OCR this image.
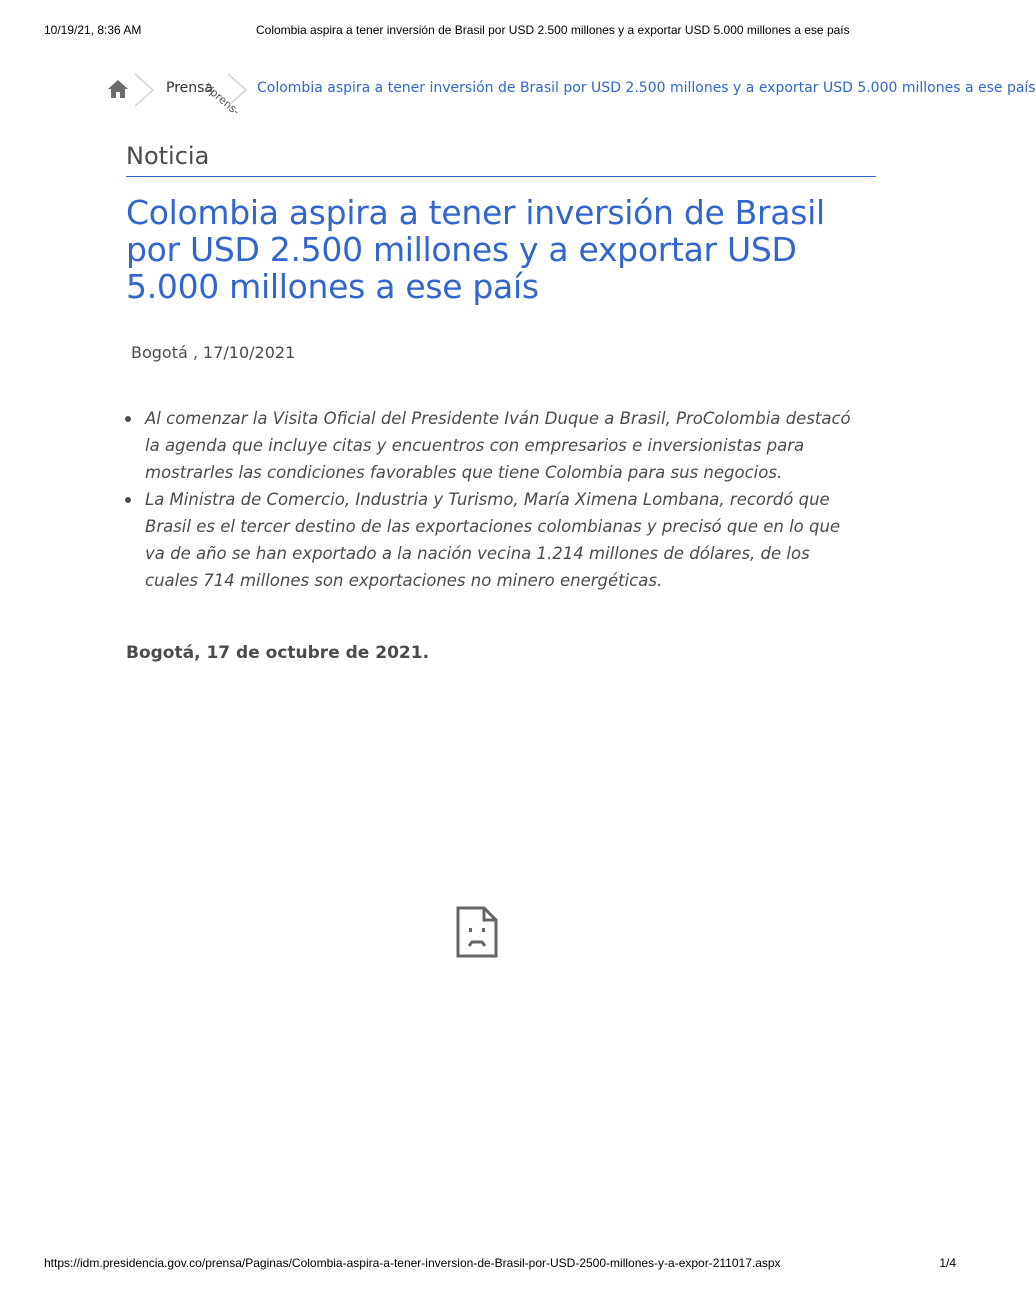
10/19/21, 8:36 AM	Colombia aspira a tener inversión de Brasil por USD 2.500 millones y a exportar USD 5.000 millones a ese país
Prensa
\/prens- Colombia aspira a tener inversión de Brasil por USD 2.500 millones y a exportar USD 5.000 millones a ese país
Noticia
Colombia aspira a tener inversión de Brasil por USD 2.500 millones y a exportar USD 5.000 millones a ese país
Bogotá , 17/10/2021
Al comenzar la Visita Oficial del Presidente Iván Duque a Brasil, ProColombia destacó la agenda que incluye citas y encuentros con empresarios e inversionistas para mostrarles las condiciones favorables que tiene Colombia para sus negocios.
La Ministra de Comercio, Industria y Turismo, María Ximena Lombana, recordó que Brasil es el tercer destino de las exportaciones colombianas y precisó que en lo que va de año se han exportado a la nación vecina 1.214 millones de dólares, de los cuales 714 millones son exportaciones no minero energéticas.
Bogotá, 17 de octubre de 2021.
https://idm.presidencia.gov.co/prensa/Paginas/Colombia-aspira-a-tener-inversion-de-Brasil-por-USD-2500-millones-y-a-expor-211017.aspx	1/4
